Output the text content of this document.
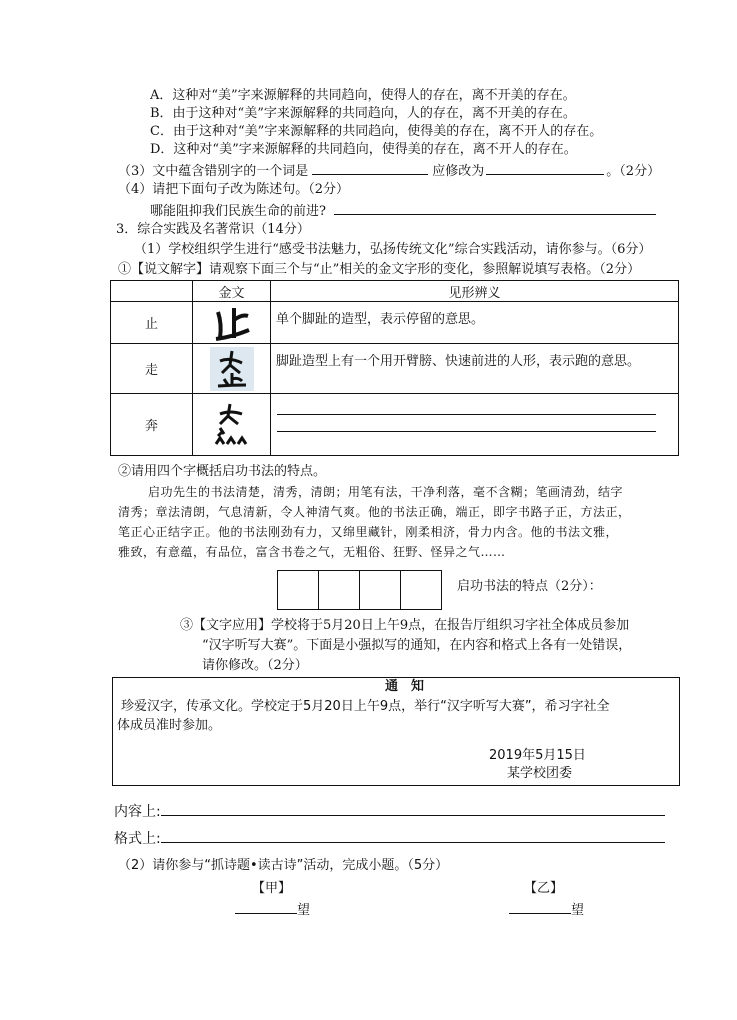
A．这种对“美”字来源解释的共同趋向，使得人的存在，离不开美的存在。
B．由于这种对“美”字来源解释的共同趋向，人的存在，离不开美的存在。
C．由于这种对“美”字来源解释的共同趋向，使得美的存在，离不开人的存在。
D．这种对“美”字来源解释的共同趋向，使得美的存在，离不开人的存在。
（3）文中蕴含错别字的一个词是	应修改为	。（2分）
（4）请把下面句子改为陈述句。（2分）
哪能阻抑我们民族生命的前进?
3．综合实践及名著常识（14分）
（1）学校组织学生进行“感受书法魅力，弘扬传统文化”综合实践活动，请你参与。（6分）
①【说文解字】请观察下面三个与“止”相关的金文字形的变化，参照解说填写表格。（2分）
	金文	见形辨义
止		单个脚趾的造型，表示停留的意思。
走		脚趾造型上有一个用开臂膀、快速前进的人形，表示跑的意思。
奔	

②请用四个字概括启功书法的特点。
启功先生的书法清楚，清秀，清朗；用笔有法，干净利落，毫不含糊；笔画清劲，结字
清秀；章法清朗，气息清新，令人神清气爽。他的书法正确，端正，即字书路子正，方法正，
笔正心正结字正。他的书法刚劲有力，又绵里藏针，刚柔相济，骨力内含。他的书法文雅，
雅致，有意蕴，有品位，富含书卷之气，无粗俗、狂野、怪异之气……
启功书法的特点（2分）：
③【文字应用】学校将于5月20日上午9点，在报告厅组织习字社全体成员参加
“汉字听写大赛”。下面是小强拟写的通知，在内容和格式上各有一处错误，
请你修改。（2分）
通　知
珍爱汉字，传承文化。学校定于5月20日上午9点，举行“汉字听写大赛”，希习字社全
体成员准时参加。
2019年5月15日
某学校团委
内容上:
格式上:
（2）请你参与“抓诗题•读古诗”活动，完成小题。（5分）
【甲】
望
【乙】
望
